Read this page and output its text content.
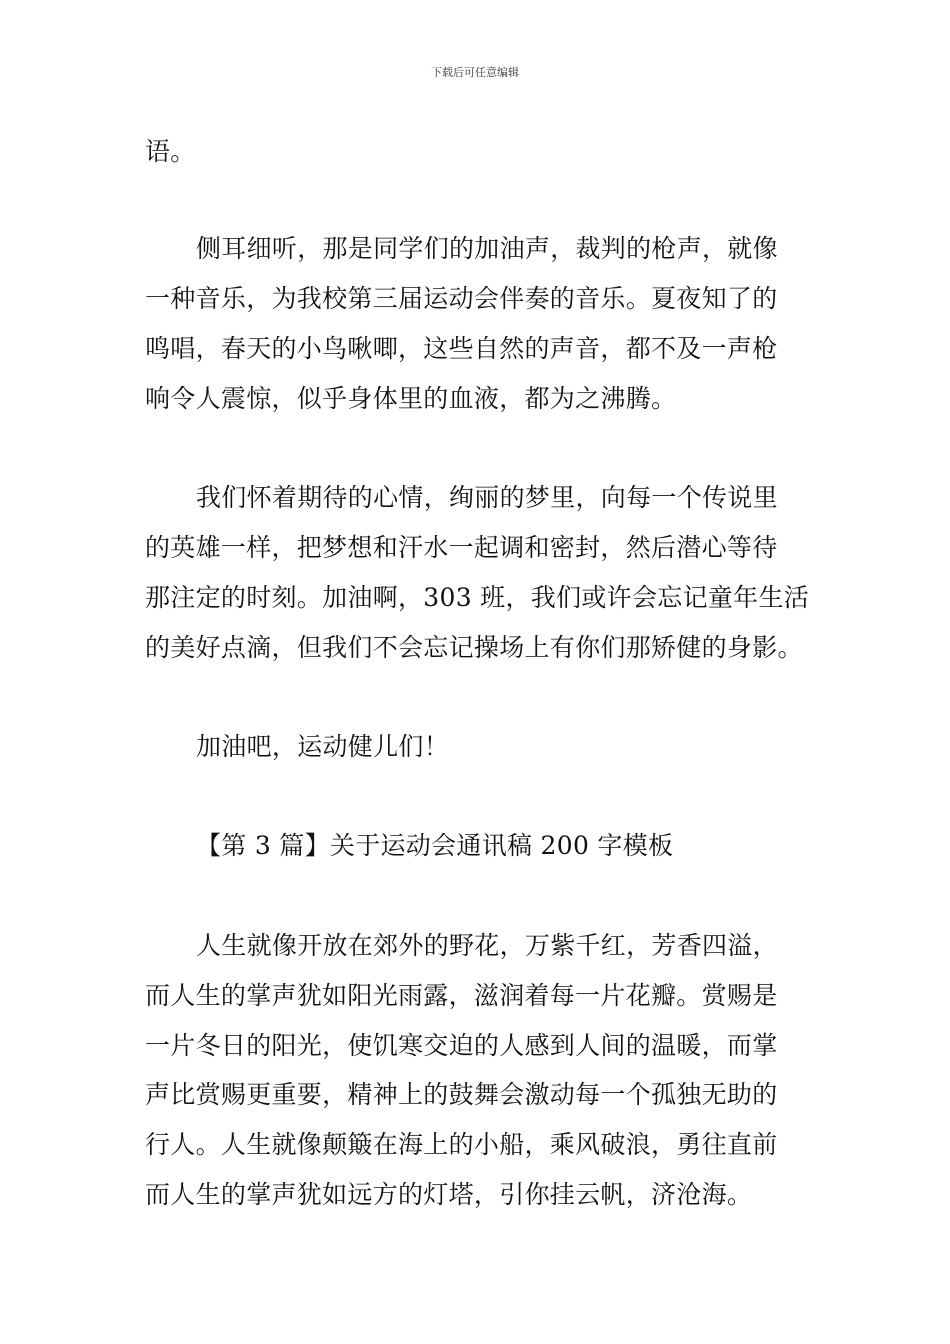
下载后可任意编辑
语。
侧耳细听，那是同学们的加油声，裁判的枪声，就像
一种音乐，为我校第三届运动会伴奏的音乐。夏夜知了的
鸣唱，春天的小鸟啾唧，这些自然的声音，都不及一声枪
响令人震惊，似乎身体里的血液，都为之沸腾。
我们怀着期待的心情，绚丽的梦里，向每一个传说里
的英雄一样，把梦想和汗水一起调和密封，然后潜心等待
那注定的时刻。加油啊，303 班，我们或许会忘记童年生活
的美好点滴，但我们不会忘记操场上有你们那矫健的身影。
加油吧，运动健儿们！
【第 3 篇】关于运动会通讯稿 200 字模板
人生就像开放在郊外的野花，万紫千红，芳香四溢，
而人生的掌声犹如阳光雨露，滋润着每一片花瓣。赏赐是
一片冬日的阳光，使饥寒交迫的人感到人间的温暖，而掌
声比赏赐更重要，精神上的鼓舞会激动每一个孤独无助的
行人。人生就像颠簸在海上的小船，乘风破浪，勇往直前
而人生的掌声犹如远方的灯塔，引你挂云帆，济沧海。
